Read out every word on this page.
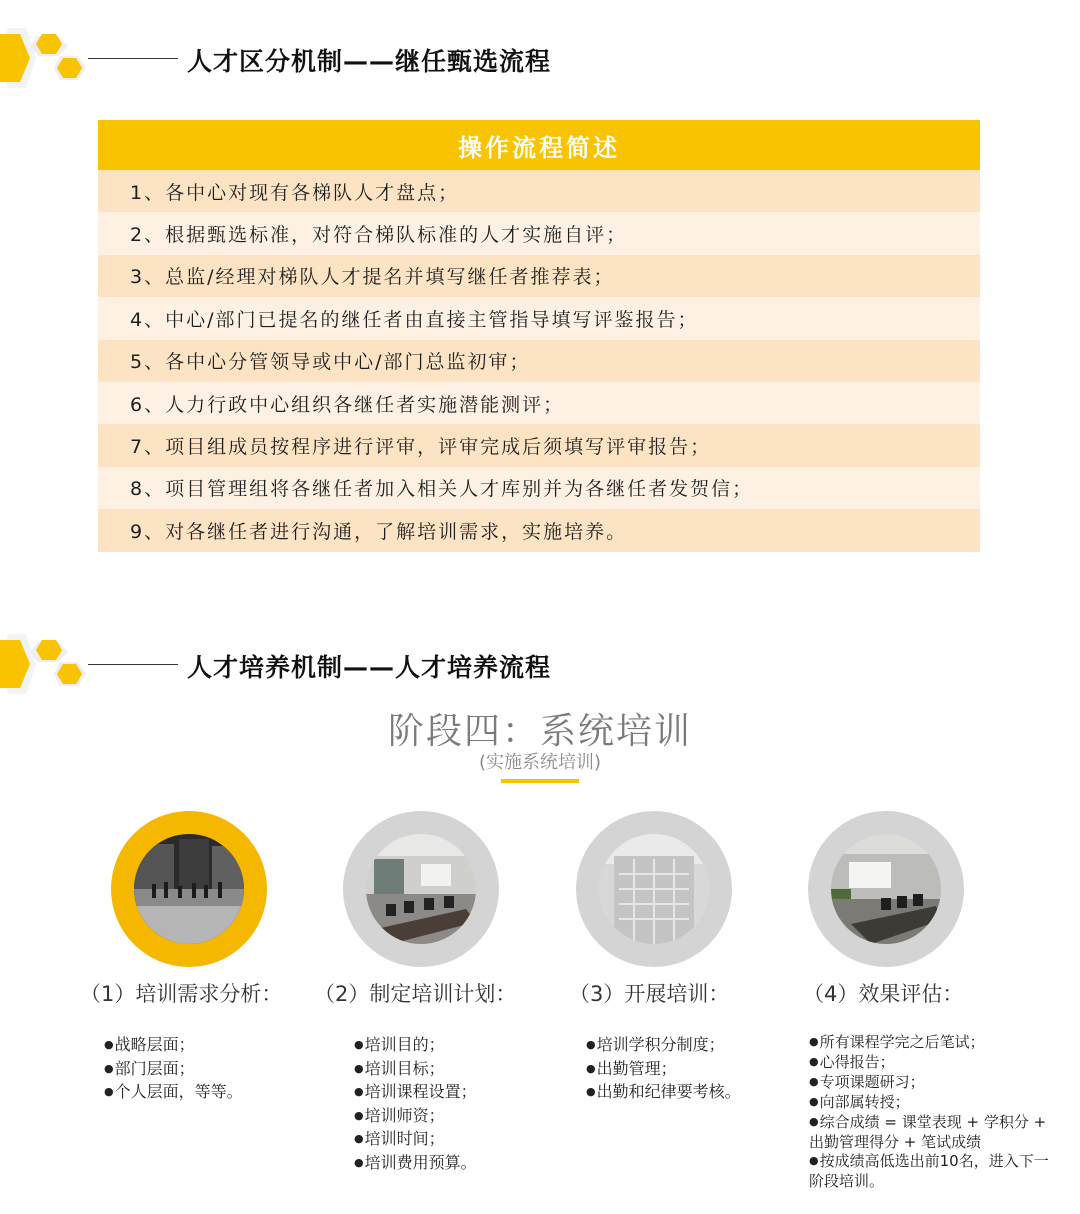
人才区分机制——继任甄选流程
操作流程简述
1、各中心对现有各梯队人才盘点；
2、根据甄选标准，对符合梯队标准的人才实施自评；
3、总监/经理对梯队人才提名并填写继任者推荐表；
4、中心/部门已提名的继任者由直接主管指导填写评鉴报告；
5、各中心分管领导或中心/部门总监初审；
6、人力行政中心组织各继任者实施潜能测评；
7、项目组成员按程序进行评审，评审完成后须填写评审报告；
8、项目管理组将各继任者加入相关人才库别并为各继任者发贺信；
9、对各继任者进行沟通，了解培训需求，实施培养。
人才培养机制——人才培养流程
阶段四：系统培训
(实施系统培训)
（1）培训需求分析： （2）制定培训计划：	（3）开展培训：	（4）效果评估：
● 战略层面；
● 部门层面；
● 个人层面，等等。
● 培训目的；
● 培训目标；
● 培训课程设置；
● 培训师资；
● 培训时间；
● 培训费用预算。
● 培训学积分制度；
● 出勤管理；
● 出勤和纪律要考核。
● 所有课程学完之后笔试；
● 心得报告；
● 专项课题研习；
● 向部属转授；
● 综合成绩 = 课堂表现 + 学积分 + 出勤管理得分 + 笔试成绩
● 按成绩高低选出前10名，进入下一阶段培训。
